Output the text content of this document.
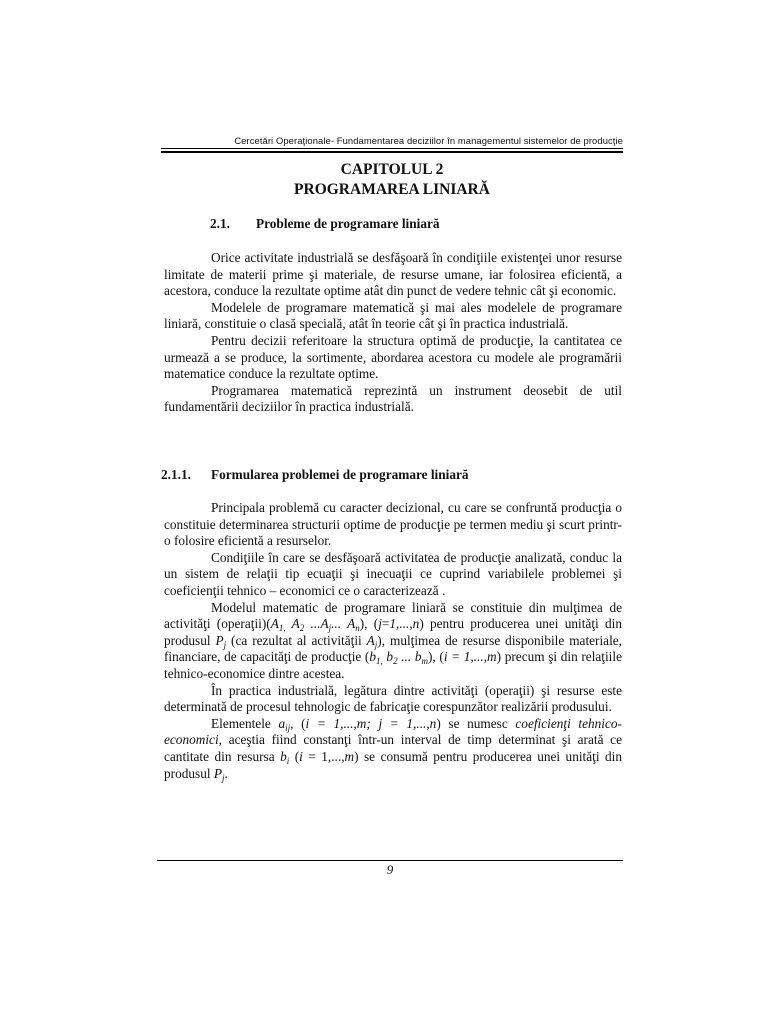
Cercetări Operaţionale- Fundamentarea deciziilor în managementul sistemelor de producţie
CAPITOLUL 2
PROGRAMAREA LINIARĂ
2.1. Probleme de programare liniară

Orice activitate industrială se desfăşoară în condiţiile existenţei unor resurse limitate de materii prime şi materiale, de resurse umane, iar folosirea eficientă, a acestora, conduce la rezultate optime atât din punct de vedere tehnic cât şi economic.

Modelele de programare matematică şi mai ales modelele de programare liniară, constituie o clasă specială, atât în teorie cât şi în practica industrială.

Pentru decizii referitoare la structura optimă de producţie, la cantitatea ce urmează a se produce, la sortimente, abordarea acestora cu modele ale programării matematice conduce la rezultate optime.

Programarea matematică reprezintă un instrument deosebit de util fundamentării deciziilor în practica industrială.

2.1.1. Formularea problemei de programare liniară

Principala problemă cu caracter decizional, cu care se confruntă producţia o constituie determinarea structurii optime de producţie pe termen mediu şi scurt printr-o folosire eficientă a resurselor.

Condiţiile în care se desfăşoară activitatea de producţie analizată, conduc la un sistem de relaţii tip ecuaţii şi inecuaţii ce cuprind variabilele problemei şi coeficienţii tehnico – economici ce o caracterizează .

Modelul matematic de programare liniară se constituie din mulţimea de activităţi $(operaţii)(A_{1,}$ $A_2$ $...A_j$... $A_n$), (j=1,...,n) pentru producerea unei unităţi din produsul $P_j$ (ca rezultat al activităţii $A_j$), mulţimea de resurse disponibile materiale, financiare, de capacităţi de producţie ($b_{1,}$ $b_2$ ... $b_m$), (i = 1,...,m) precum şi din relaţiile tehnico-economice dintre acestea.

În practica industrială, legătura dintre activităţi (operaţii) şi resurse este determinată de procesul tehnologic de fabricaţie corespunzător realizării produsului.

Elementele $a_{ij}$, (i = 1,...,m; j = 1,...,n) se numesc coeficienţi tehnico-economici, aceştia fiind constanţi într-un interval de timp determinat şi arată ce cantitate din resursa $b_i$ (i = 1,...,m) se consumă pentru producerea unei unităţi din produsul $P_j$.

9
